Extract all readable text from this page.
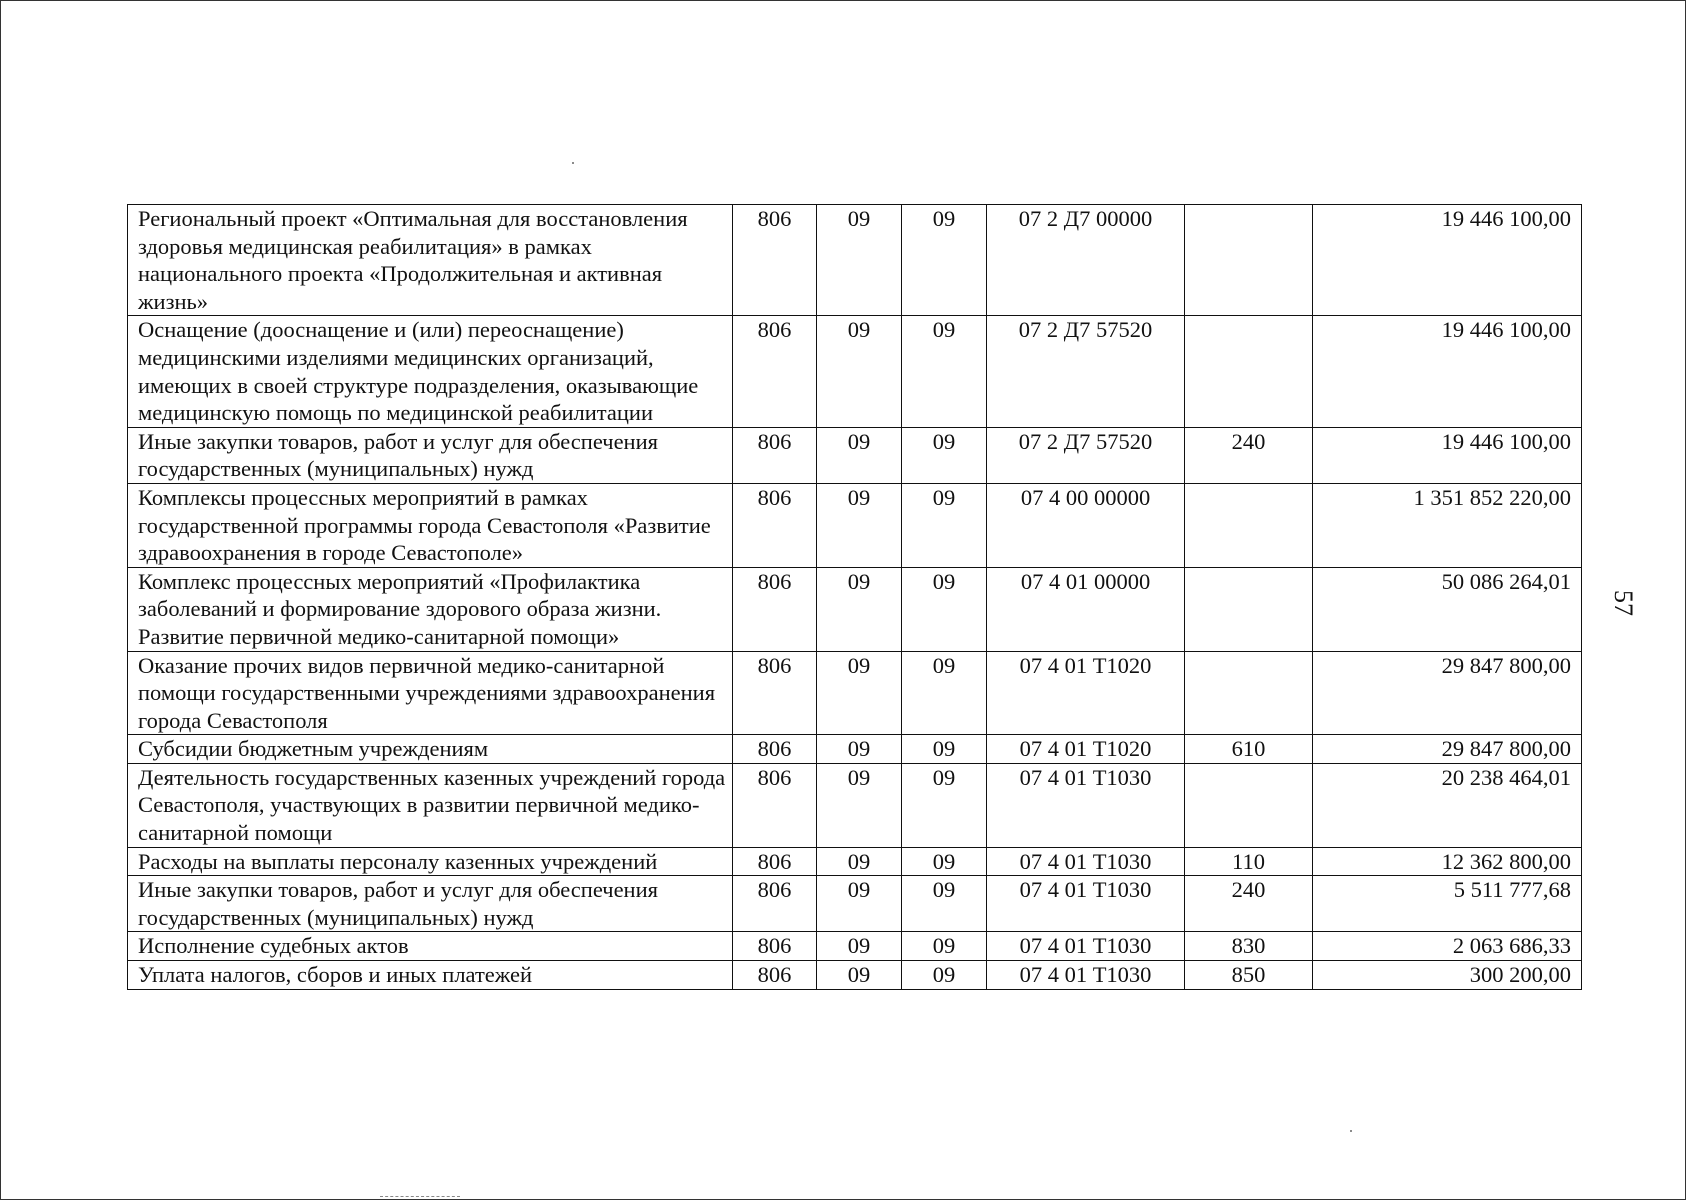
Региональный проект «Оптимальная для восстановления здоровья медицинская реабилитация» в рамках национального проекта «Продолжительная и активная жизнь»	806	09	09	07 2 Д7 00000		19 446 100,00
Оснащение (дооснащение и (или) переоснащение) медицинскими изделиями медицинских организаций, имеющих в своей структуре подразделения, оказывающие медицинскую помощь по медицинской реабилитации	806	09	09	07 2 Д7 57520		19 446 100,00
Иные закупки товаров, работ и услуг для обеспечения государственных (муниципальных) нужд	806	09	09	07 2 Д7 57520	240	19 446 100,00
Комплексы процессных мероприятий в рамках государственной программы города Севастополя «Развитие здравоохранения в городе Севастополе»	806	09	09	07 4 00 00000		1 351 852 220,00
Комплекс процессных мероприятий «Профилактика заболеваний и формирование здорового образа жизни. Развитие первичной медико-санитарной помощи»	806	09	09	07 4 01 00000		50 086 264,01
Оказание прочих видов первичной медико-санитарной помощи государственными учреждениями здравоохранения города Севастополя	806	09	09	07 4 01 Т1020		29 847 800,00
Субсидии бюджетным учреждениям	806	09	09	07 4 01 Т1020	610	29 847 800,00
Деятельность государственных казенных учреждений города Севастополя, участвующих в развитии первичной медико-санитарной помощи	806	09	09	07 4 01 Т1030		20 238 464,01
Расходы на выплаты персоналу казенных учреждений	806	09	09	07 4 01 Т1030	110	12 362 800,00
Иные закупки товаров, работ и услуг для обеспечения государственных (муниципальных) нужд	806	09	09	07 4 01 Т1030	240	5 511 777,68
Исполнение судебных актов	806	09	09	07 4 01 Т1030	830	2 063 686,33
Уплата налогов, сборов и иных платежей	806	09	09	07 4 01 Т1030	850	300 200,00
57
